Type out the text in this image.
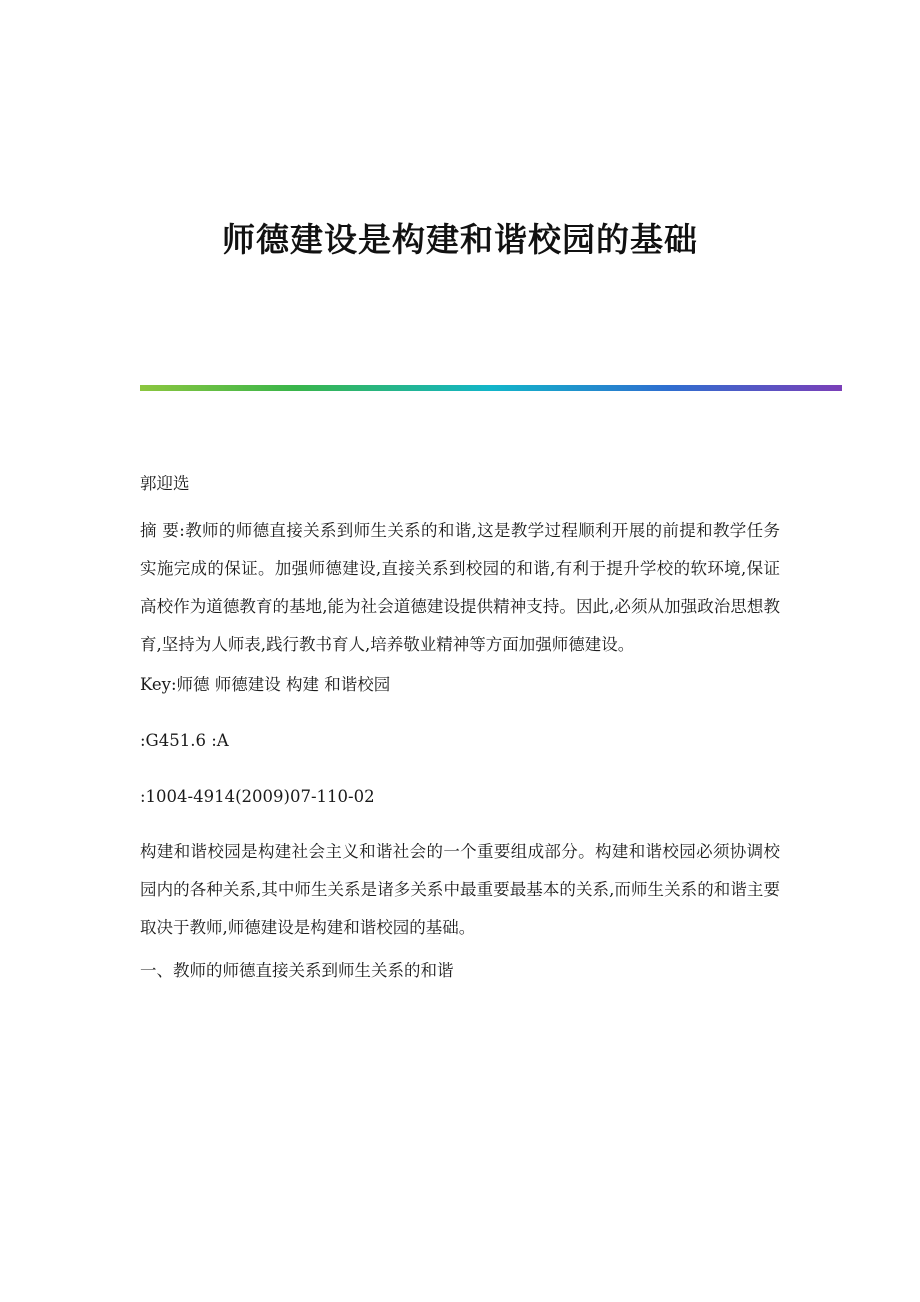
师德建设是构建和谐校园的基础

郭迎选

摘 要:教师的师德直接关系到师生关系的和谐,这是教学过程顺利开展的前提和教学任务实施完成的保证。加强师德建设,直接关系到校园的和谐,有利于提升学校的软环境,保证高校作为道德教育的基地,能为社会道德建设提供精神支持。因此,必须从加强政治思想教育,坚持为人师表,践行教书育人,培养敬业精神等方面加强师德建设。

Key:师德 师德建设 构建 和谐校园

:G451.6 :A

:1004-4914(2009)07-110-02

构建和谐校园是构建社会主义和谐社会的一个重要组成部分。构建和谐校园必须协调校园内的各种关系,其中师生关系是诸多关系中最重要最基本的关系,而师生关系的和谐主要取决于教师,师德建设是构建和谐校园的基础。

一、教师的师德直接关系到师生关系的和谐
